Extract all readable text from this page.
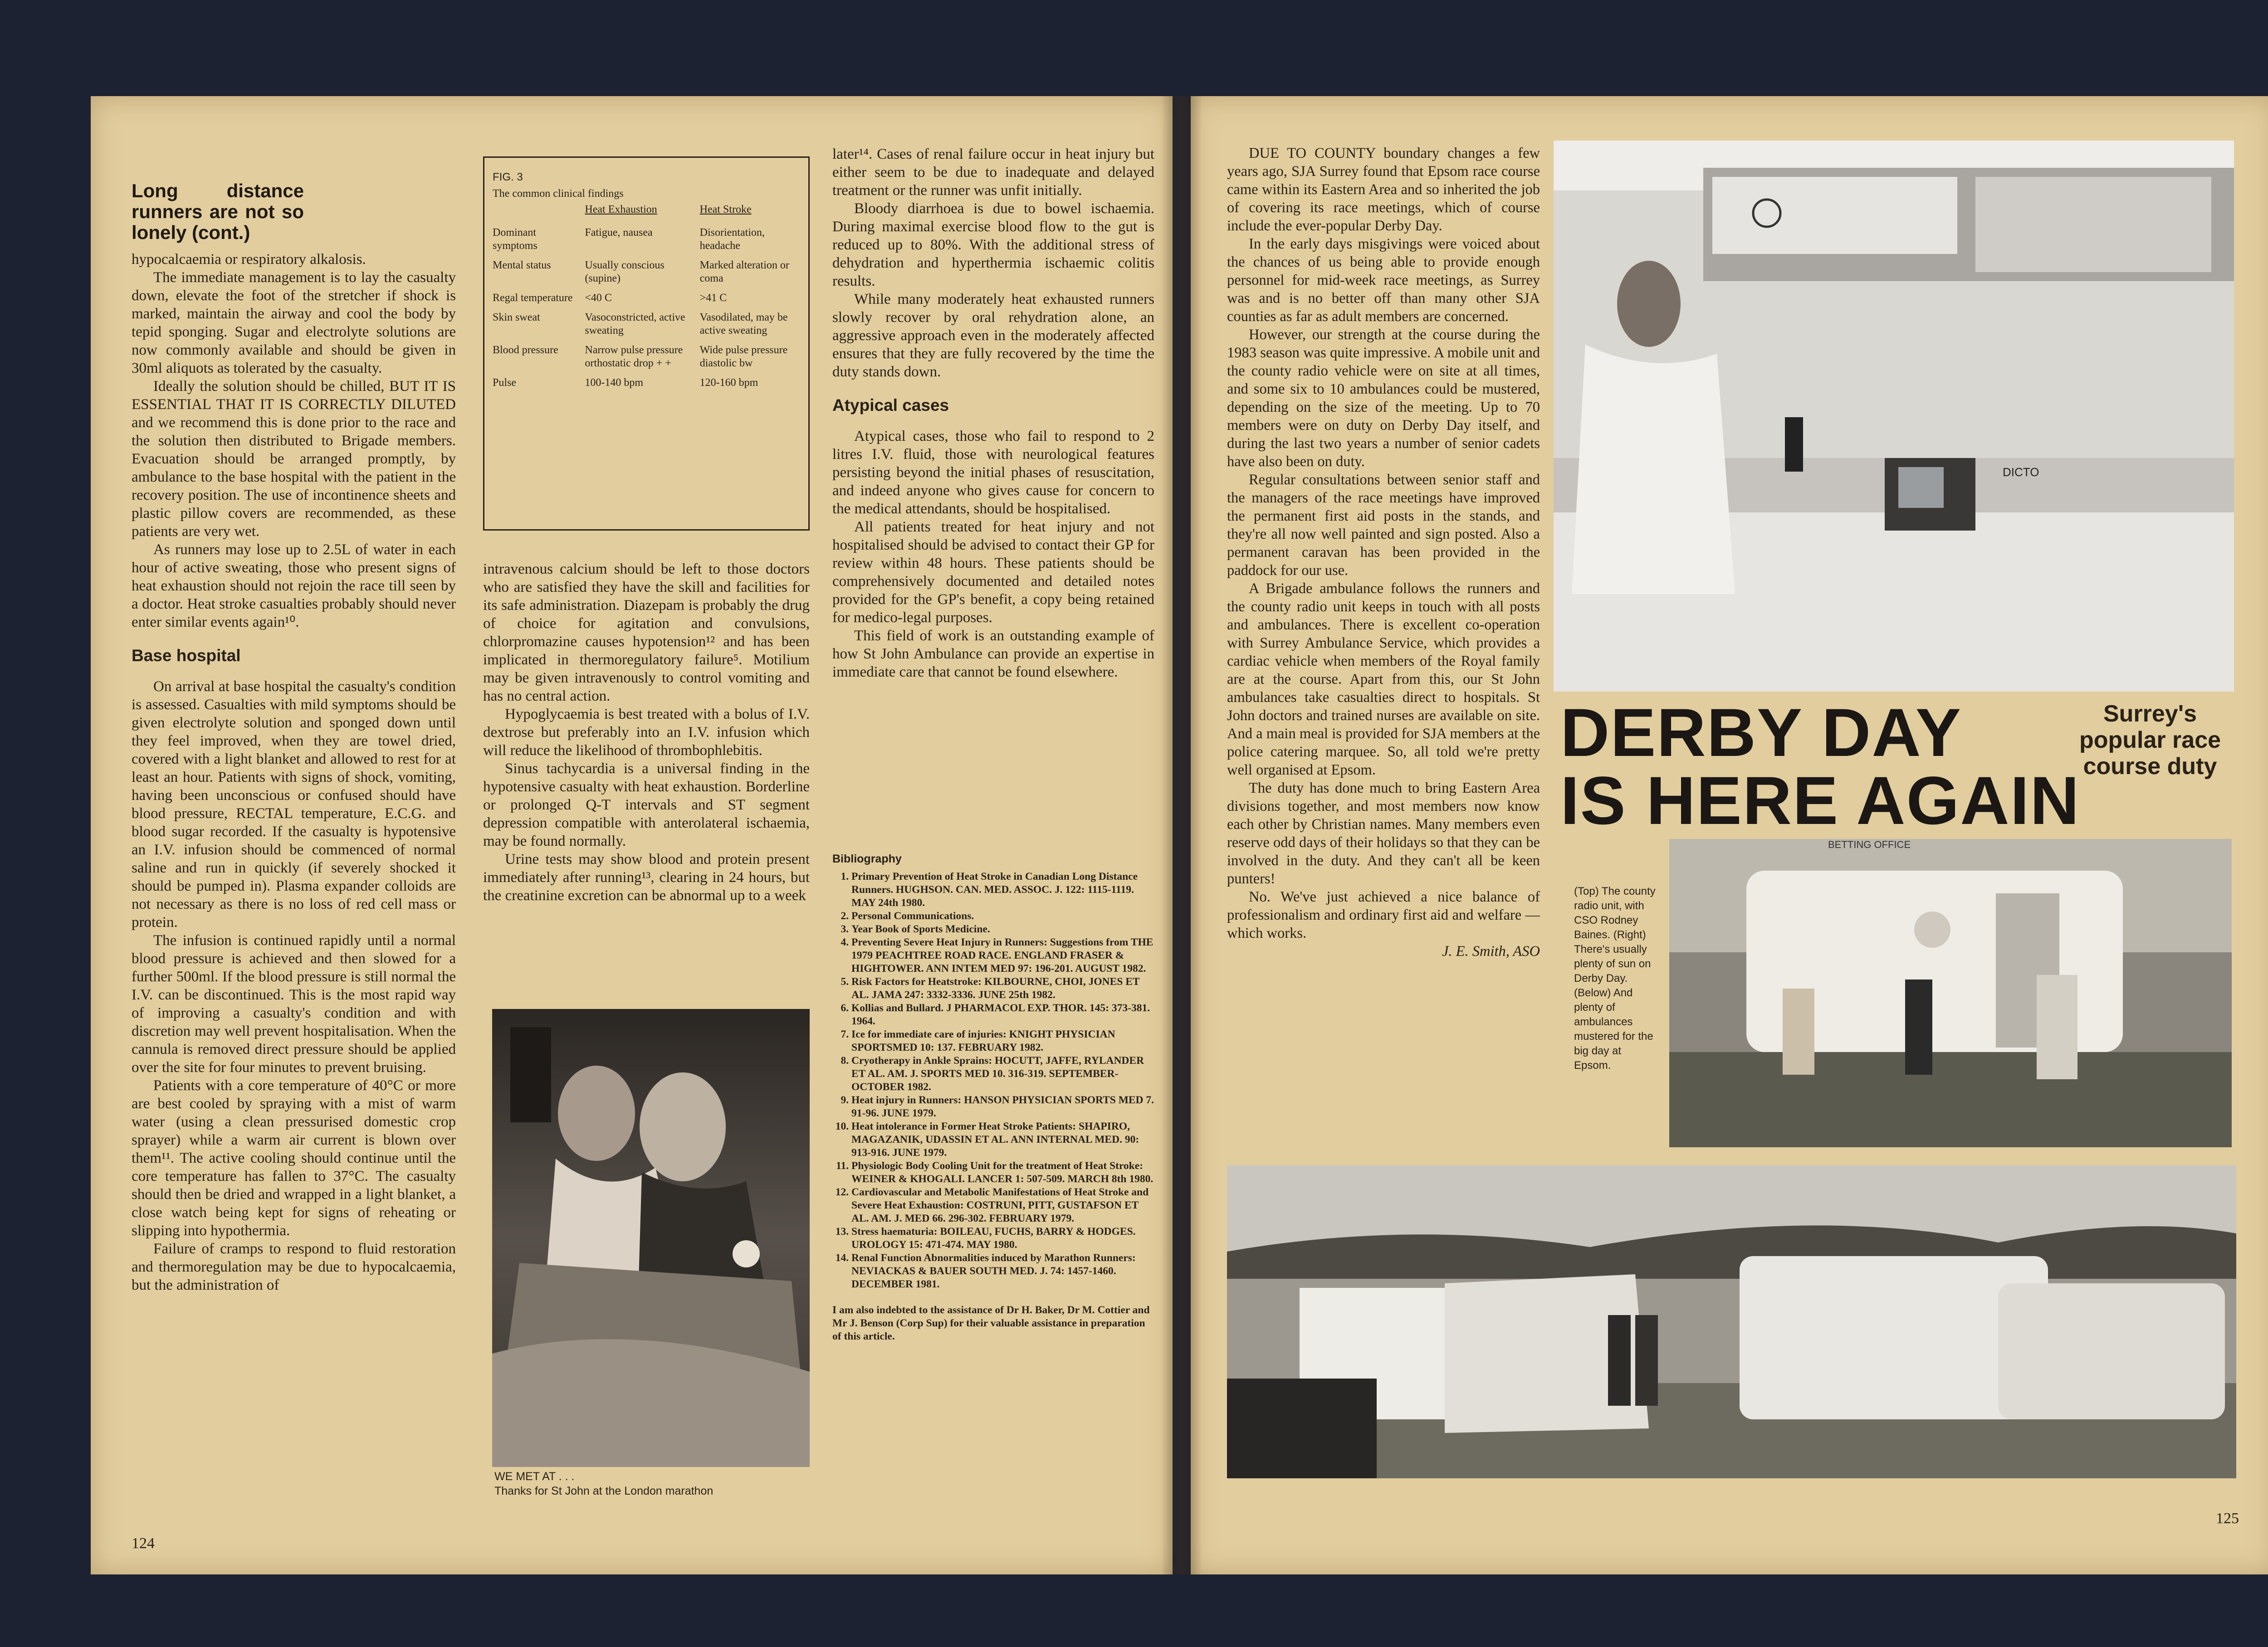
Long distance runners are not so lonely (cont.)

hypocalcaemia or respiratory alkalosis.

The immediate management is to lay the casualty down, elevate the foot of the stretcher if shock is marked, maintain the airway and cool the body by tepid sponging. Sugar and electrolyte solutions are now commonly available and should be given in 30ml aliquots as tolerated by the casualty.

Ideally the solution should be chilled, BUT IT IS ESSENTIAL THAT IT IS CORRECTLY DILUTED and we recommend this is done prior to the race and the solution then distributed to Brigade members. Evacuation should be arranged promptly, by ambulance to the base hospital with the patient in the recovery position. The use of incontinence sheets and plastic pillow covers are recommended, as these patients are very wet.

As runners may lose up to 2.5L of water in each hour of active sweating, those who present signs of heat exhaustion should not rejoin the race till seen by a doctor. Heat stroke casualties probably should never enter similar events again¹⁰.

Base hospital

On arrival at base hospital the casualty's condition is assessed. Casualties with mild symptoms should be given electrolyte solution and sponged down until they feel improved, when they are towel dried, covered with a light blanket and allowed to rest for at least an hour. Patients with signs of shock, vomiting, having been unconscious or confused should have blood pressure, RECTAL temperature, E.C.G. and blood sugar recorded. If the casualty is hypotensive an I.V. infusion should be commenced of normal saline and run in quickly (if severely shocked it should be pumped in). Plasma expander colloids are not necessary as there is no loss of red cell mass or protein.

The infusion is continued rapidly until a normal blood pressure is achieved and then slowed for a further 500ml. If the blood pressure is still normal the I.V. can be discontinued. This is the most rapid way of improving a casualty's condition and with discretion may well prevent hospitalisation. When the cannula is removed direct pressure should be applied over the site for four minutes to prevent bruising.

Patients with a core temperature of 40°C or more are best cooled by spraying with a mist of warm water (using a clean pressurised domestic crop sprayer) while a warm air current is blown over them¹¹. The active cooling should continue until the core temperature has fallen to 37°C. The casualty should then be dried and wrapped in a light blanket, a close watch being kept for signs of reheating or slipping into hypothermia.

Failure of cramps to respond to fluid restoration and thermoregulation may be due to hypocalcaemia, but the administration of

FIG. 3
The common clinical findings
	Heat Exhaustion	Heat Stroke
Dominant symptoms	Fatigue, nausea	Disorientation, headache
Mental status	Usually conscious (supine)	Marked alteration or coma
Regal temperature	<40 C	>41 C
Skin sweat	Vasoconstricted, active sweating	Vasodilated, may be active sweating
Blood pressure	Narrow pulse pressure orthostatic drop + +	Wide pulse pressure diastolic bw
Pulse	100-140 bpm	120-160 bpm

intravenous calcium should be left to those doctors who are satisfied they have the skill and facilities for its safe administration. Diazepam is probably the drug of choice for agitation and convulsions, chlorpromazine causes hypotension¹² and has been implicated in thermoregulatory failure⁵. Motilium may be given intravenously to control vomiting and has no central action.

Hypoglycaemia is best treated with a bolus of I.V. dextrose but preferably into an I.V. infusion which will reduce the likelihood of thrombophlebitis.

Sinus tachycardia is a universal finding in the hypotensive casualty with heat exhaustion. Borderline or prolonged Q-T intervals and ST segment depression compatible with anterolateral ischaemia, may be found normally.

Urine tests may show blood and protein present immediately after running¹³, clearing in 24 hours, but the creatinine excretion can be abnormal up to a week

WE MET AT . . .
Thanks for St John at the London marathon

later¹⁴. Cases of renal failure occur in heat injury but either seem to be due to inadequate and delayed treatment or the runner was unfit initially.

Bloody diarrhoea is due to bowel ischaemia. During maximal exercise blood flow to the gut is reduced up to 80%. With the additional stress of dehydration and hyperthermia ischaemic colitis results.

While many moderately heat exhausted runners slowly recover by oral rehydration alone, an aggressive approach even in the moderately affected ensures that they are fully recovered by the time the duty stands down.

Atypical cases

Atypical cases, those who fail to respond to 2 litres I.V. fluid, those with neurological features persisting beyond the initial phases of resuscitation, and indeed anyone who gives cause for concern to the medical attendants, should be hospitalised.

All patients treated for heat injury and not hospitalised should be advised to contact their GP for review within 48 hours. These patients should be comprehensively documented and detailed notes provided for the GP's benefit, a copy being retained for medico-legal purposes.

This field of work is an outstanding example of how St John Ambulance can provide an expertise in immediate care that cannot be found elsewhere.

Bibliography
1. Primary Prevention of Heat Stroke in Canadian Long Distance Runners. HUGHSON. CAN. MED. ASSOC. J. 122: 1115-1119. MAY 24th 1980.
2. Personal Communications.
3. Year Book of Sports Medicine.
4. Preventing Severe Heat Injury in Runners: Suggestions from THE 1979 PEACHTREE ROAD RACE. ENGLAND FRASER & HIGHTOWER. ANN INTEM MED 97: 196-201. AUGUST 1982.
5. Risk Factors for Heatstroke: KILBOURNE, CHOI, JONES ET AL. JAMA 247: 3332-3336. JUNE 25th 1982.
6. Kollias and Bullard. J PHARMACOL EXP. THOR. 145: 373-381. 1964.
7. Ice for immediate care of injuries: KNIGHT PHYSICIAN SPORTSMED 10: 137. FEBRUARY 1982.
8. Cryotherapy in Ankle Sprains: HOCUTT, JAFFE, RYLANDER ET AL. AM. J. SPORTS MED 10. 316-319. SEPTEMBER-OCTOBER 1982.
9. Heat injury in Runners: HANSON PHYSICIAN SPORTS MED 7. 91-96. JUNE 1979.
10. Heat intolerance in Former Heat Stroke Patients: SHAPIRO, MAGAZANIK, UDASSIN ET AL. ANN INTERNAL MED. 90: 913-916. JUNE 1979.
11. Physiologic Body Cooling Unit for the treatment of Heat Stroke: WEINER & KHOGALI. LANCER 1: 507-509. MARCH 8th 1980.
12. Cardiovascular and Metabolic Manifestations of Heat Stroke and Severe Heat Exhaustion: COSTRUNI, PITT, GUSTAFSON ET AL. AM. J. MED 66. 296-302. FEBRUARY 1979.
13. Stress haematuria: BOILEAU, FUCHS, BARRY & HODGES. UROLOGY 15: 471-474. MAY 1980.
14. Renal Function Abnormalities induced by Marathon Runners: NEVIACKAS & BAUER SOUTH MED. J. 74: 1457-1460. DECEMBER 1981.
I am also indebted to the assistance of Dr H. Baker, Dr M. Cottier and Mr J. Benson (Corp Sup) for their valuable assistance in preparation of this article.
124
DICTO

DUE TO COUNTY boundary changes a few years ago, SJA Surrey found that Epsom race course came within its Eastern Area and so inherited the job of covering its race meetings, which of course include the ever-popular Derby Day.

In the early days misgivings were voiced about the chances of us being able to provide enough personnel for mid-week race meetings, as Surrey was and is no better off than many other SJA counties as far as adult members are concerned.

However, our strength at the course during the 1983 season was quite impressive. A mobile unit and the county radio vehicle were on site at all times, and some six to 10 ambulances could be mustered, depending on the size of the meeting. Up to 70 members were on duty on Derby Day itself, and during the last two years a number of senior cadets have also been on duty.

Regular consultations between senior staff and the managers of the race meetings have improved the permanent first aid posts in the stands, and they're all now well painted and sign posted. Also a permanent caravan has been provided in the paddock for our use.

A Brigade ambulance follows the runners and the county radio unit keeps in touch with all posts and ambulances. There is excellent co-operation with Surrey Ambulance Service, which provides a cardiac vehicle when members of the Royal family are at the course. Apart from this, our St John ambulances take casualties direct to hospitals. St John doctors and trained nurses are available on site. And a main meal is provided for SJA members at the police catering marquee. So, all told we're pretty well organised at Epsom.

The duty has done much to bring Eastern Area divisions together, and most members now know each other by Christian names. Many members even reserve odd days of their holidays so that they can be involved in the duty. And they can't all be keen punters!

No. We've just achieved a nice balance of professionalism and ordinary first aid and welfare — which works.

J. E. Smith, ASO

DERBY DAY
IS HERE AGAIN
Surrey's popular race course duty
BETTING OFFICE
(Top) The county radio unit, with CSO Rodney Baines. (Right) There's usually plenty of sun on Derby Day. (Below) And plenty of ambulances mustered for the big day at Epsom.
125
